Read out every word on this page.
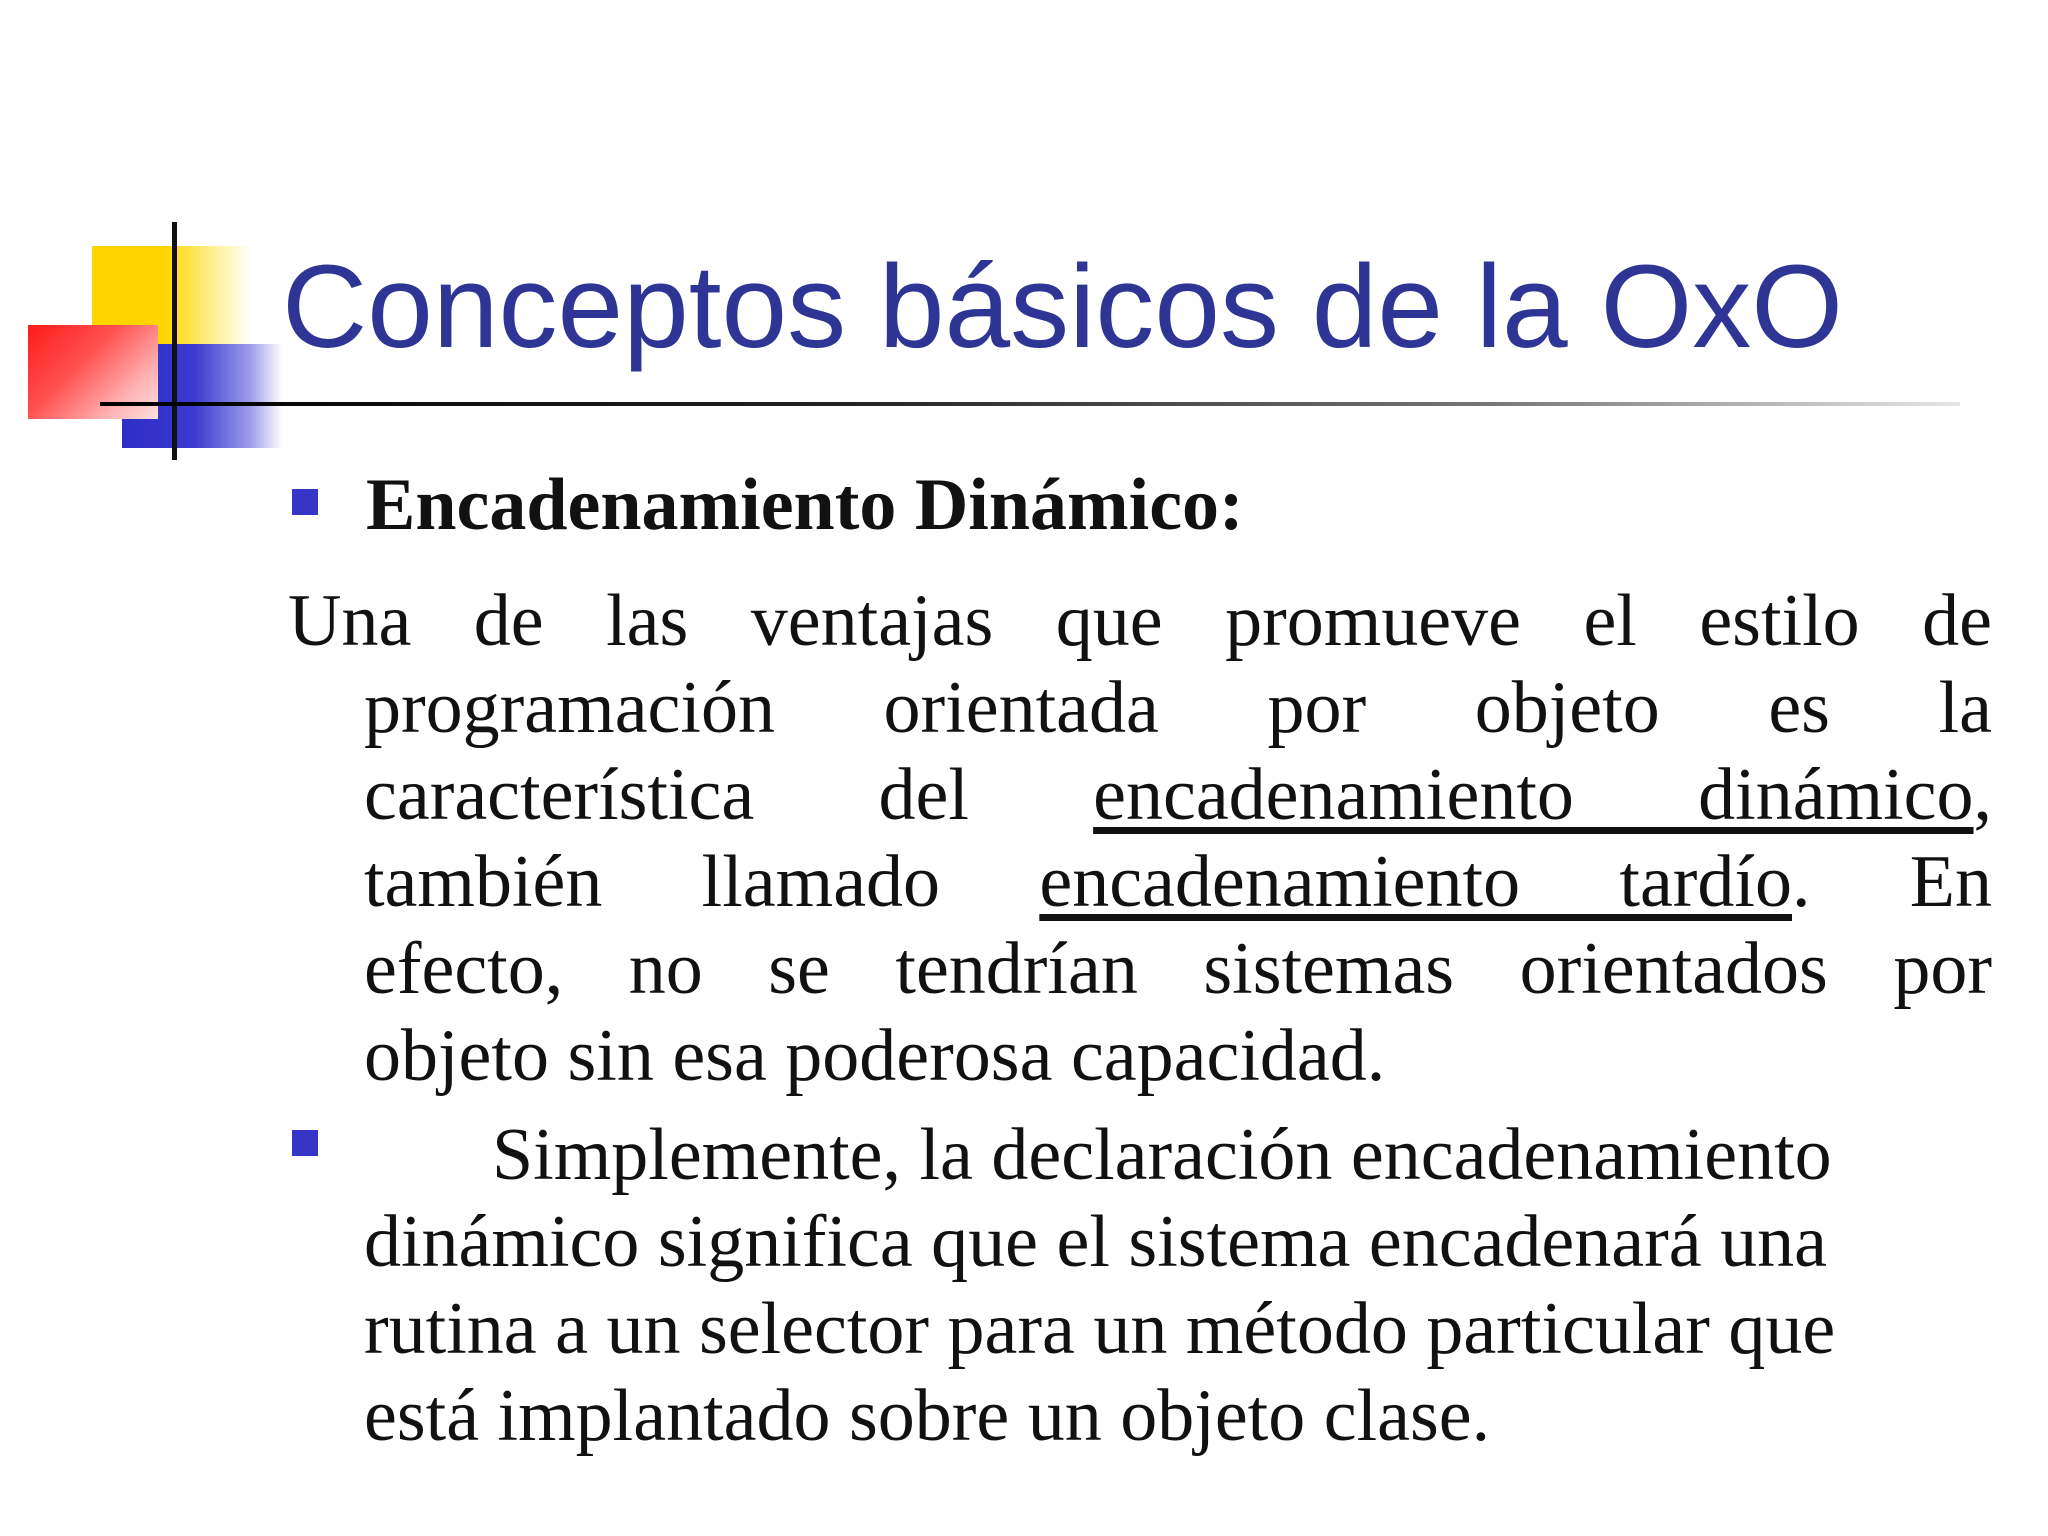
Conceptos básicos de la OxO
Encadenamiento Dinámico:
Una de las ventajas que promueve el estilo de
programación orientada por objeto es la
característica del encadenamiento dinámico,
también llamado encadenamiento tardío. En
efecto, no se tendrían sistemas orientados por
objeto sin esa poderosa capacidad.
Simplemente, la declaración encadenamiento
dinámico significa que el sistema encadenará una
rutina a un selector para un método particular que
está implantado sobre un objeto clase.
